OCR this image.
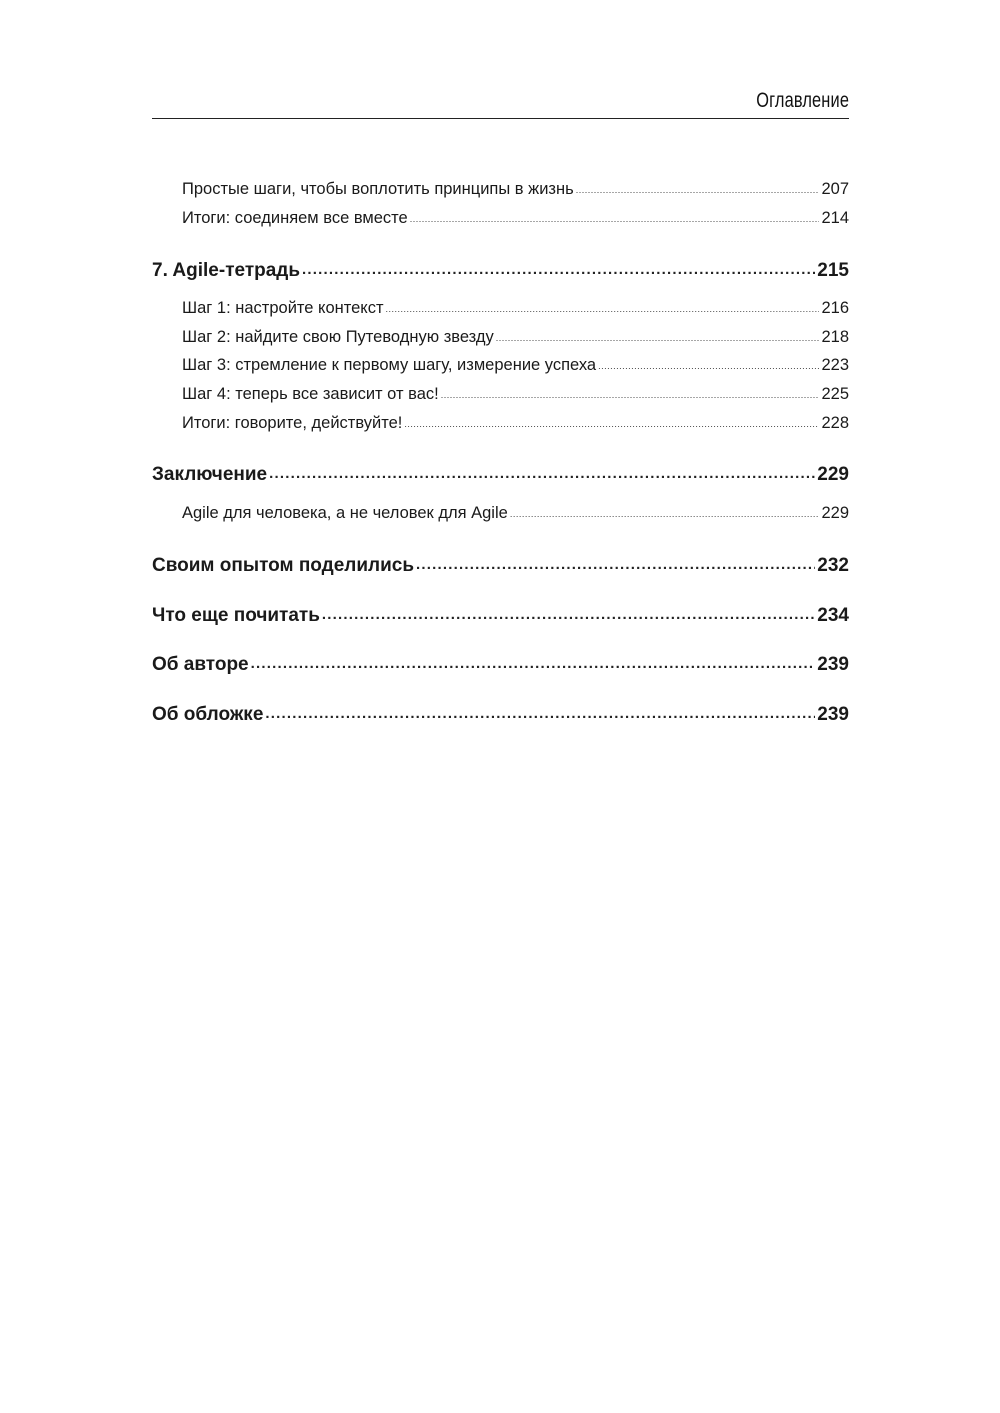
Оглавление
Простые шаги, чтобы воплотить принципы в жизнь .....	207
Итоги: соединяем все вместе .....	214
7. Agile-тетрадь .....	215
Шаг 1: настройте контекст .....	216
Шаг 2: найдите свою Путеводную звезду .....	218
Шаг 3: стремление к первому шагу, измерение успеха .....	223
Шаг 4: теперь все зависит от вас! .....	225
Итоги: говорите, действуйте! .....	228
Заключение .....	229
Agile для человека, а не человек для Agile .....	229
Своим опытом поделились .....	232
Что еще почитать .....	234
Об авторе .....	239
Об обложке .....	239
